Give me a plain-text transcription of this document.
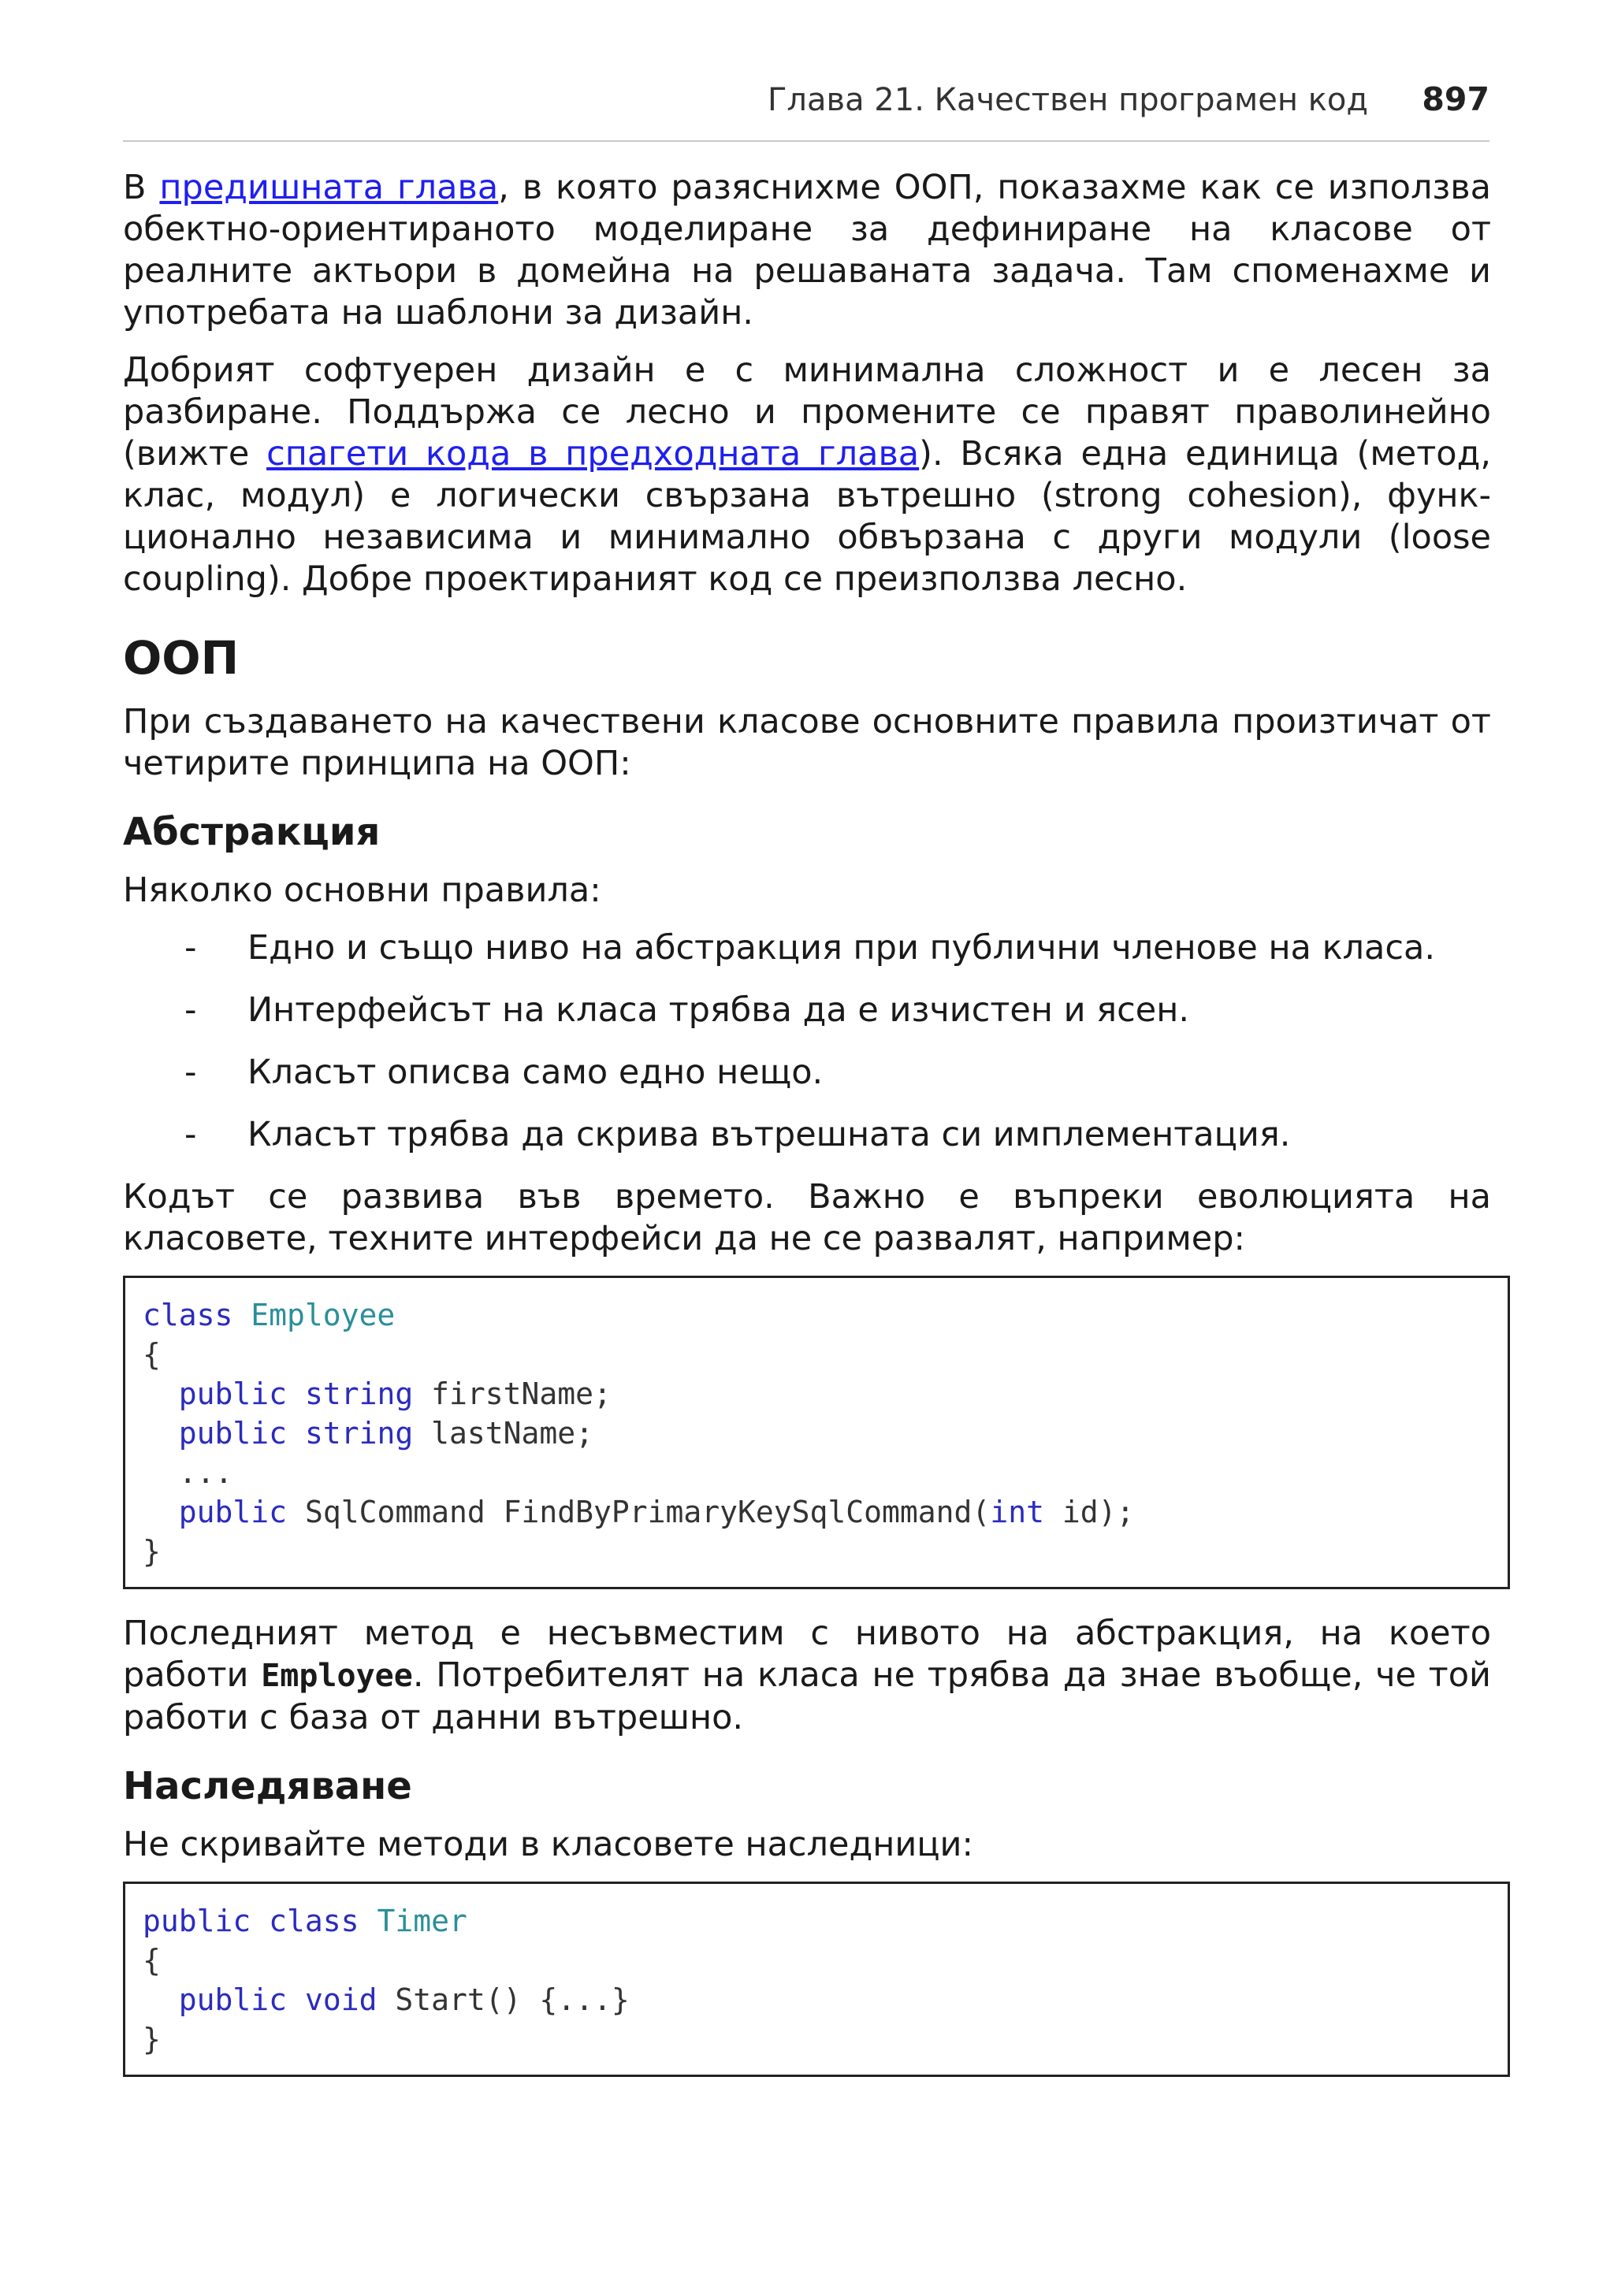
Глава 21. Качествен програмен код 897

В предишната глава, в която разяснихме ООП, показахме как се използва обектно-ориентираното моделиране за дефиниране на класове от реалните актьори в домейна на решаваната задача. Там споменахме и употребата на шаблони за дизайн.

Добрият софтуерен дизайн е с минимална сложност и е лесен за разбиране. Поддържа се лесно и промените се правят праволинейно (вижте спагети кода в предходната глава). Всяка една единица (метод, клас, модул) е логически свързана вътрешно (strong cohesion), функ-ционално независима и минимално обвързана с други модули (loose coupling). Добре проектираният код се преизползва лесно.

ООП

При създаването на качествени класове основните правила произтичат от четирите принципа на ООП:

Абстракция

Няколко основни правила:

- Едно и също ниво на абстракция при публични членове на класа.
- Интерфейсът на класа трябва да е изчистен и ясен.
- Класът описва само едно нещо.
- Класът трябва да скрива вътрешната си имплементация.

Кодът се развива във времето. Важно е въпреки еволюцията на класовете, техните интерфейси да не се развалят, например:

class Employee
{
public string firstName;
public string lastName;
...
public SqlCommand FindByPrimaryKeySqlCommand(int id);
}

Последният метод е несъвместим с нивото на абстракция, на което работи Employee. Потребителят на класа не трябва да знае въобще, че той работи с база от данни вътрешно.

Наследяване

Не скривайте методи в класовете наследници:

public class Timer
{
public void Start() {...}
}
